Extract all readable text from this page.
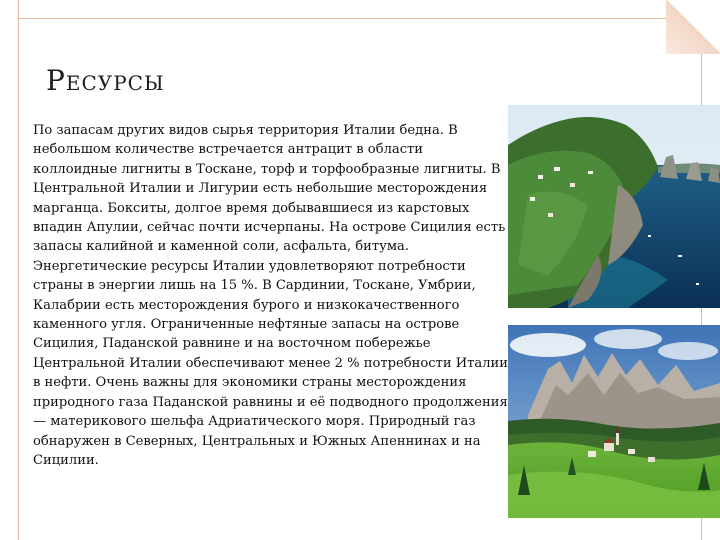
Ресурсы

По запасам других видов сырья территория Италии бедна. В небольшом количестве встречается антрацит в области коллоидные лигниты в Тоскане, торф и торфообразные лигниты. В Центральной Италии и Лигурии есть небольшие месторождения марганца. Бокситы, долгое время добывавшиеся из карстовых впадин Апулии, сейчас почти исчерпаны. На острове Сицилия есть запасы калийной и каменной соли, асфальта, битума.

Энергетические ресурсы Италии удовлетворяют потребности страны в энергии лишь на 15 %. В Сардинии, Тоскане, Умбрии, Калабрии есть месторождения бурого и низкокачественного каменного угля. Ограниченные нефтяные запасы на острове Сицилия, Паданской равнине и на восточном побережье Центральной Италии обеспечивают менее 2 % потребности Италии в нефти. Очень важны для экономики страны месторождения природного газа Паданской равнины и её подводного продолжения — материкового шельфа Адриатического моря. Природный газ обнаружен в Северных, Центральных и Южных Апеннинах и на Сицилии.
